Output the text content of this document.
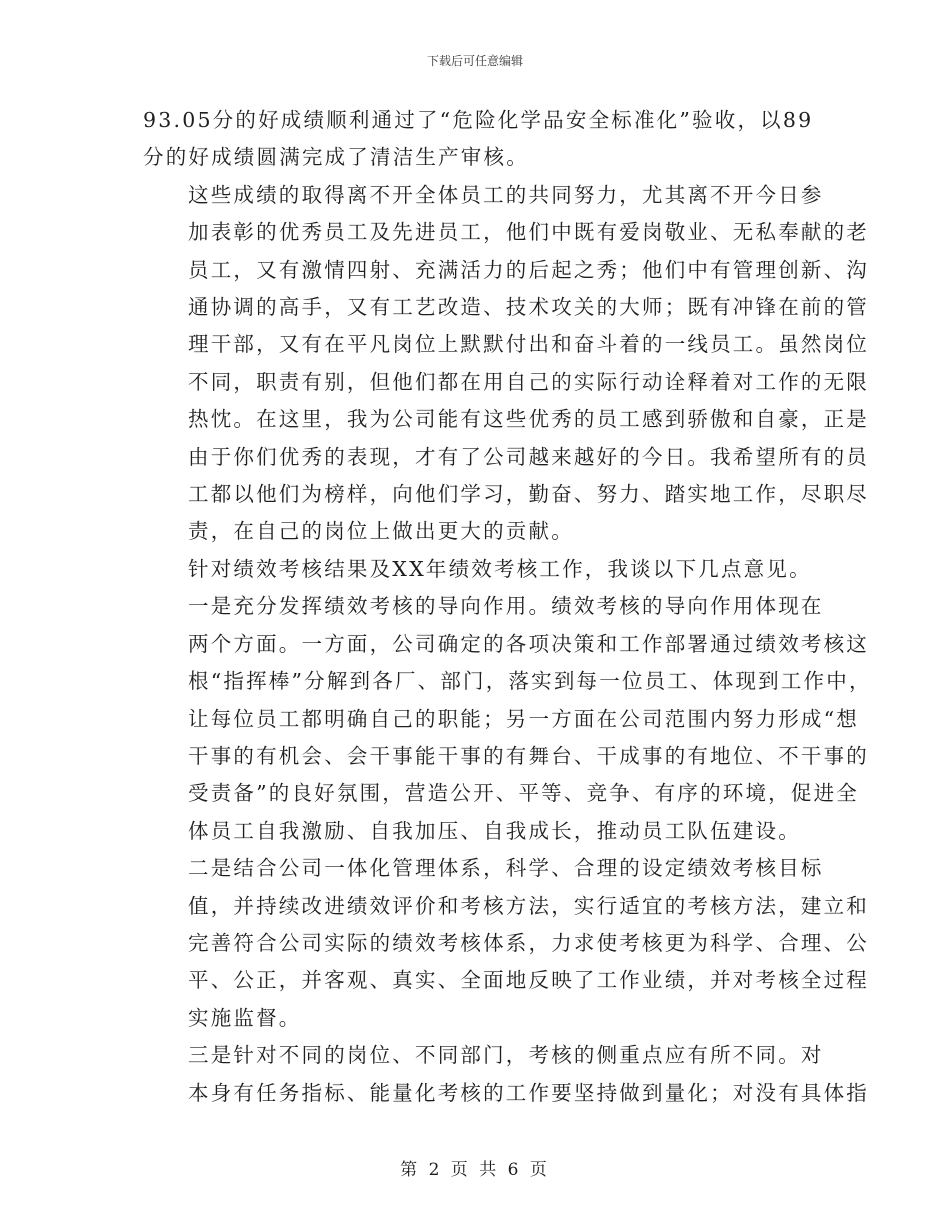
下载后可任意编辑

93.05分的好成绩顺利通过了“危险化学品安全标准化”验收，以89
分的好成绩圆满完成了清洁生产审核。

这些成绩的取得离不开全体员工的共同努力，尤其离不开今日参
加表彰的优秀员工及先进员工，他们中既有爱岗敬业、无私奉献的老
员工，又有激情四射、充满活力的后起之秀；他们中有管理创新、沟
通协调的高手，又有工艺改造、技术攻关的大师；既有冲锋在前的管
理干部，又有在平凡岗位上默默付出和奋斗着的一线员工。虽然岗位
不同，职责有别，但他们都在用自己的实际行动诠释着对工作的无限
热忱。在这里，我为公司能有这些优秀的员工感到骄傲和自豪，正是
由于你们优秀的表现，才有了公司越来越好的今日。我希望所有的员
工都以他们为榜样，向他们学习，勤奋、努力、踏实地工作，尽职尽
责，在自己的岗位上做出更大的贡献。

针对绩效考核结果及XX年绩效考核工作，我谈以下几点意见。

一是充分发挥绩效考核的导向作用。绩效考核的导向作用体现在
两个方面。一方面，公司确定的各项决策和工作部署通过绩效考核这
根“指挥棒”分解到各厂、部门，落实到每一位员工、体现到工作中，
让每位员工都明确自己的职能；另一方面在公司范围内努力形成“想
干事的有机会、会干事能干事的有舞台、干成事的有地位、不干事的
受责备”的良好氛围，营造公开、平等、竞争、有序的环境，促进全
体员工自我激励、自我加压、自我成长，推动员工队伍建设。

二是结合公司一体化管理体系，科学、合理的设定绩效考核目标
值，并持续改进绩效评价和考核方法，实行适宜的考核方法，建立和
完善符合公司实际的绩效考核体系，力求使考核更为科学、合理、公
平、公正，并客观、真实、全面地反映了工作业绩，并对考核全过程
实施监督。

三是针对不同的岗位、不同部门，考核的侧重点应有所不同。对
本身有任务指标、能量化考核的工作要坚持做到量化；对没有具体指

第 2 页 共 6 页
